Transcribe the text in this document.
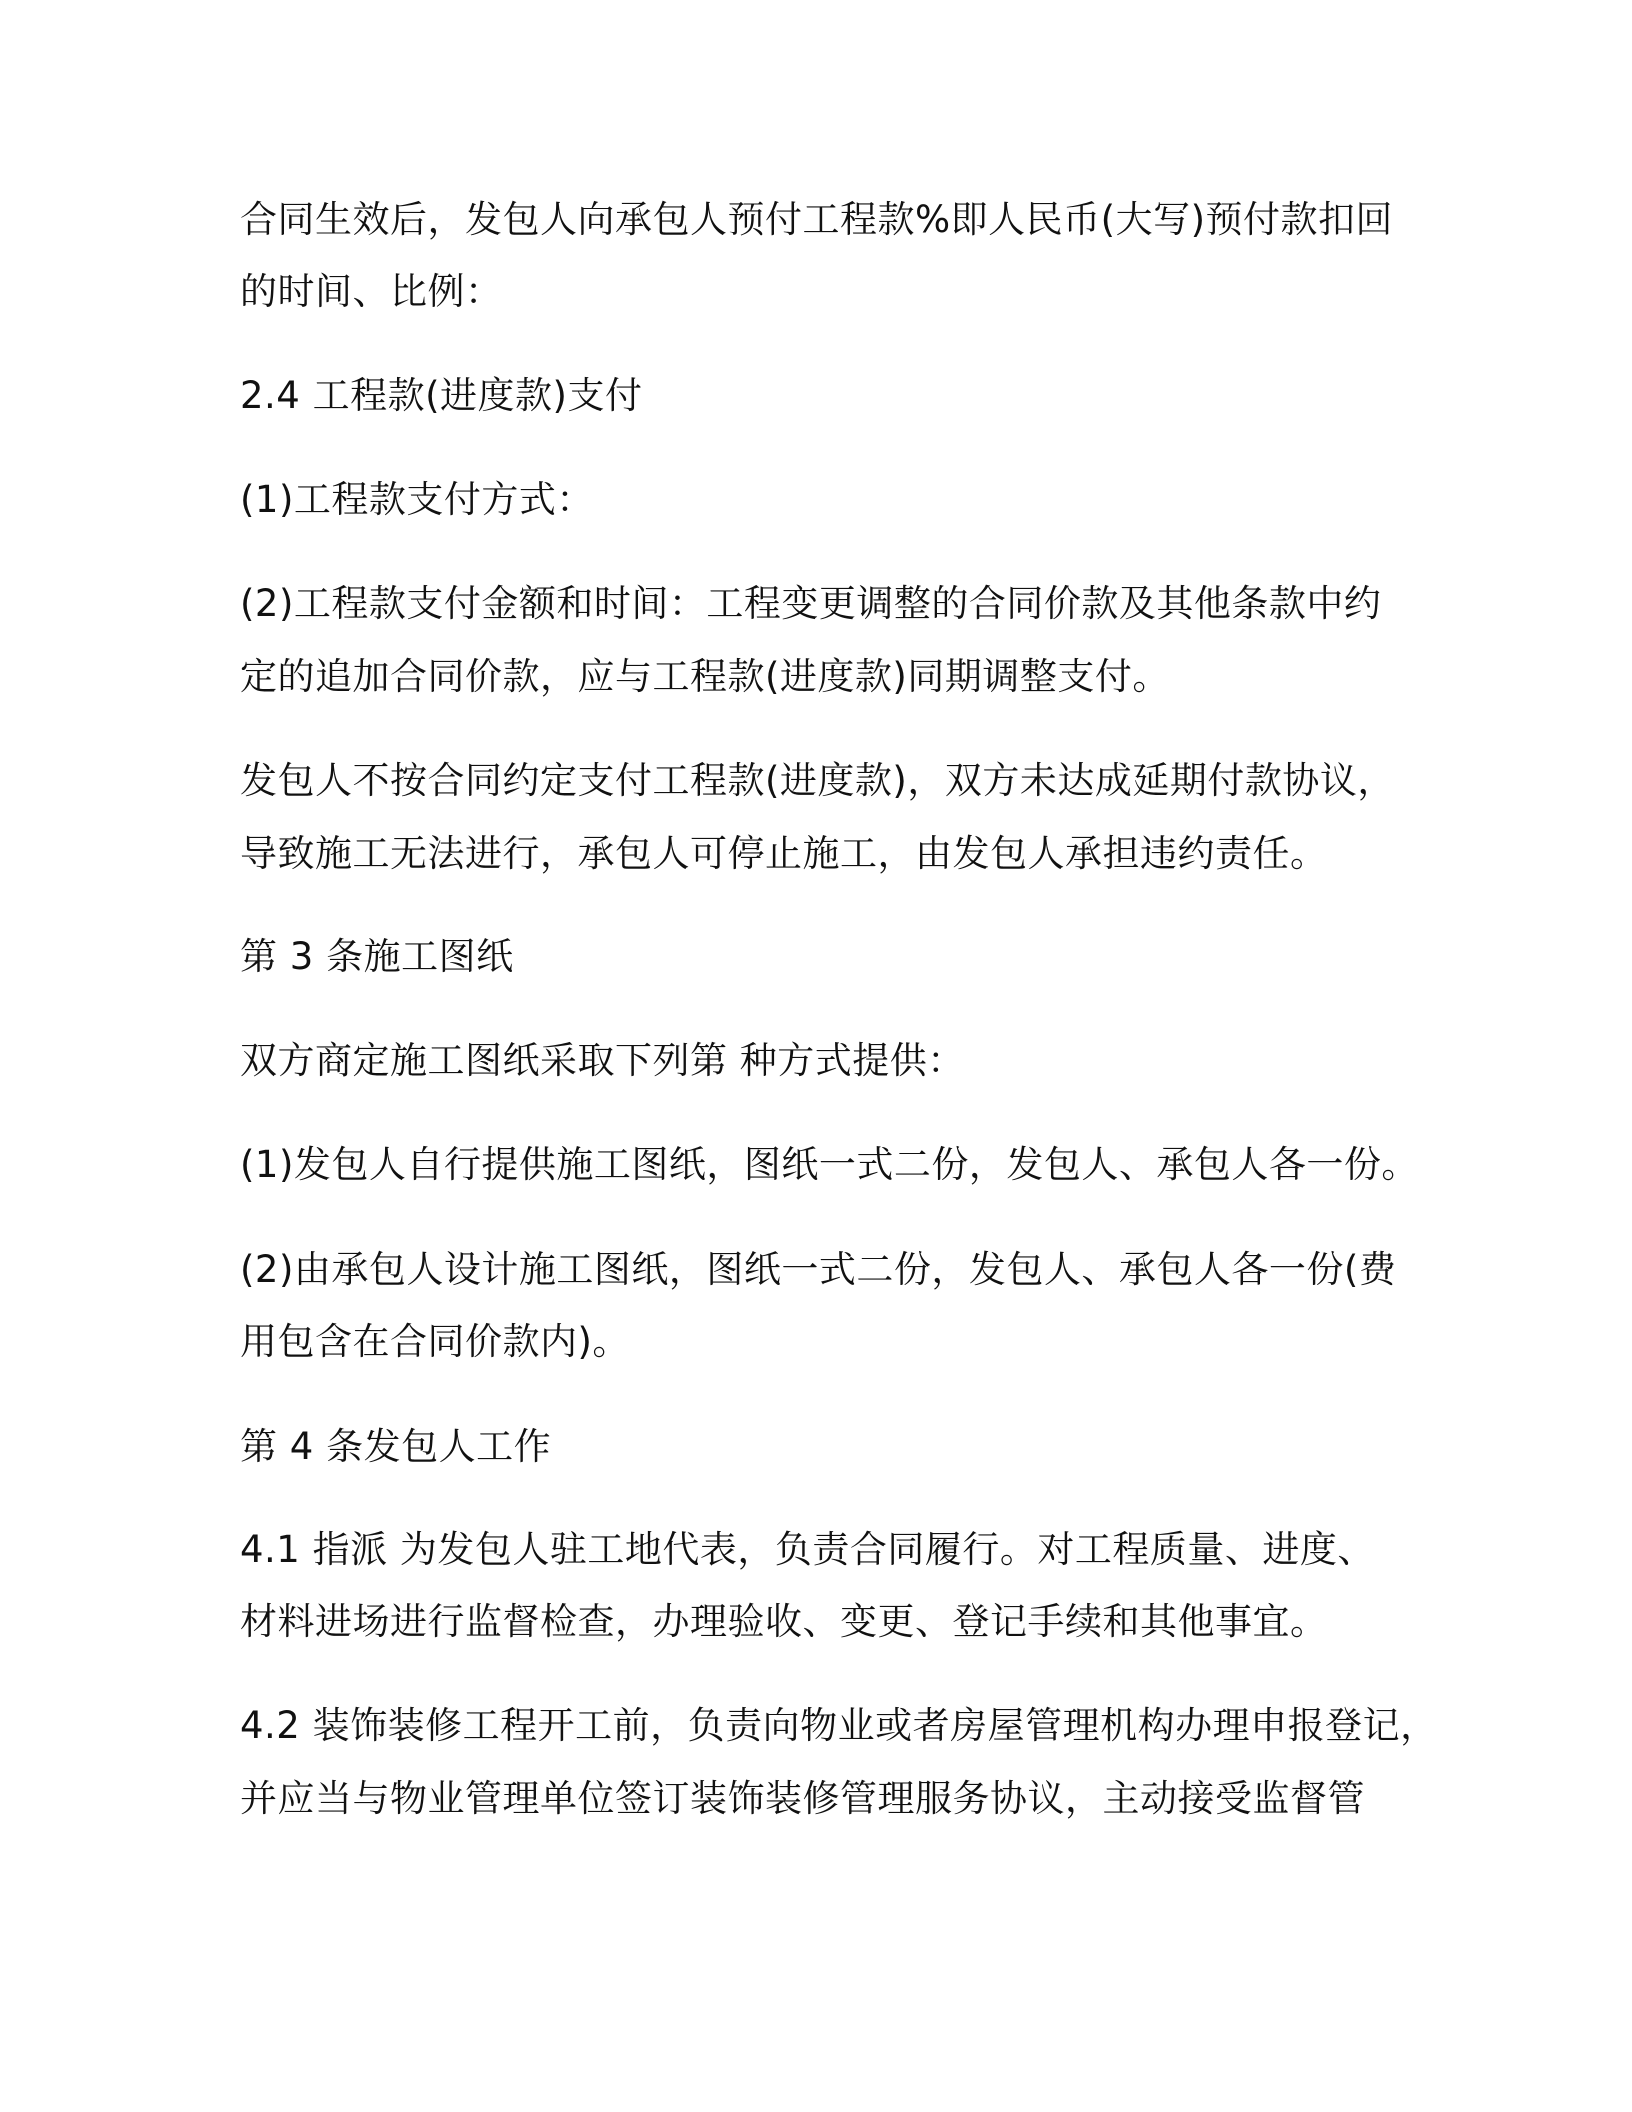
合同生效后，发包人向承包人预付工程款%即人民币(大写)预付款扣回
的时间、比例：
2.4 工程款(进度款)支付
(1)工程款支付方式：
(2)工程款支付金额和时间：工程变更调整的合同价款及其他条款中约
定的追加合同价款，应与工程款(进度款)同期调整支付。
发包人不按合同约定支付工程款(进度款)，双方未达成延期付款协议，
导致施工无法进行，承包人可停止施工，由发包人承担违约责任。
第 3 条施工图纸
双方商定施工图纸采取下列第 种方式提供：
(1)发包人自行提供施工图纸，图纸一式二份，发包人、承包人各一份。
(2)由承包人设计施工图纸，图纸一式二份，发包人、承包人各一份(费
用包含在合同价款内)。
第 4 条发包人工作
4.1 指派 为发包人驻工地代表，负责合同履行。对工程质量、进度、
材料进场进行监督检查，办理验收、变更、登记手续和其他事宜。
4.2 装饰装修工程开工前，负责向物业或者房屋管理机构办理申报登记，
并应当与物业管理单位签订装饰装修管理服务协议，主动接受监督管
